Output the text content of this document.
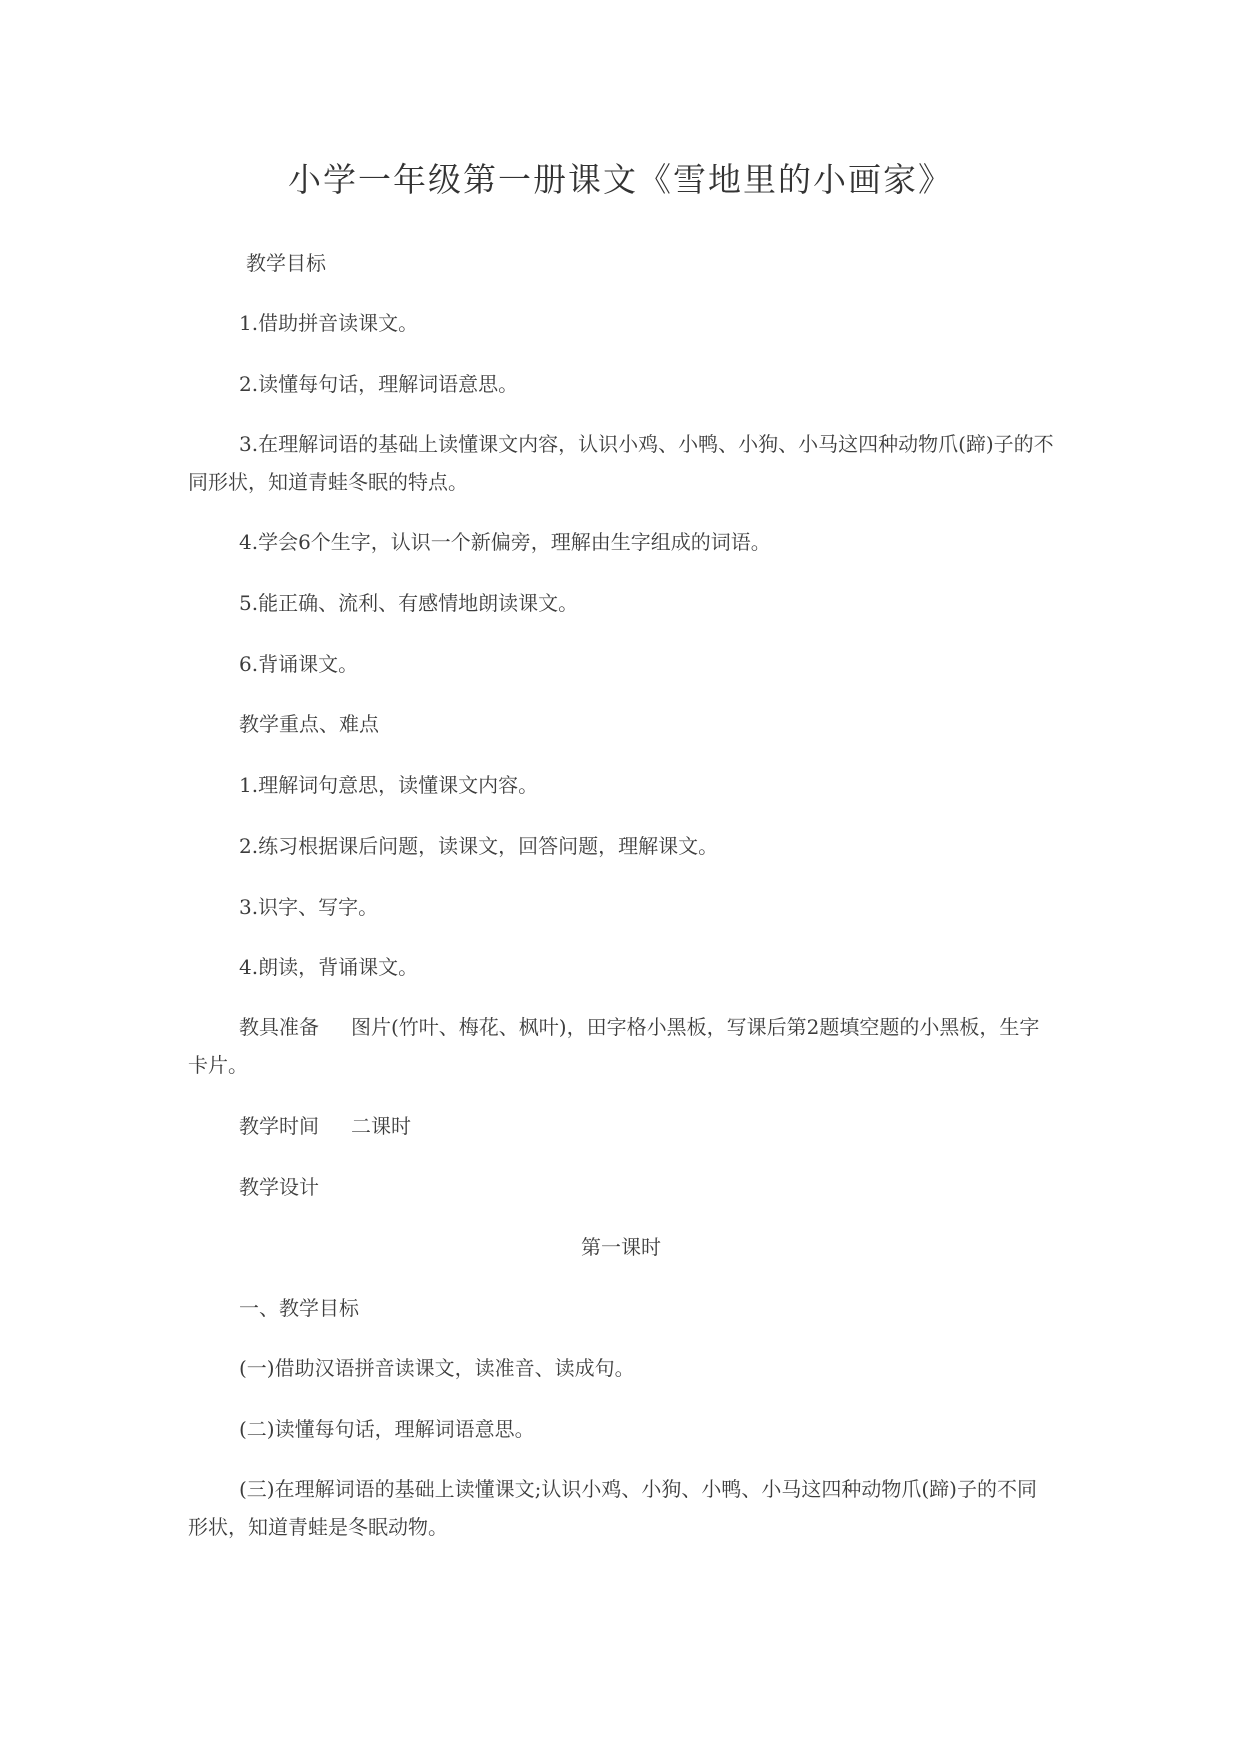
小学一年级第一册课文《雪地里的小画家》

教学目标

1.借助拼音读课文。

2.读懂每句话，理解词语意思。

3.在理解词语的基础上读懂课文内容，认识小鸡、小鸭、小狗、小马这四种动物爪(蹄)子的不同形状，知道青蛙冬眠的特点。

4.学会6个生字，认识一个新偏旁，理解由生字组成的词语。

5.能正确、流利、有感情地朗读课文。

6.背诵课文。

教学重点、难点

1.理解词句意思，读懂课文内容。

2.练习根据课后问题，读课文，回答问题，理解课文。

3.识字、写字。

4.朗读，背诵课文。

教具准备 图片(竹叶、梅花、枫叶)，田字格小黑板，写课后第2题填空题的小黑板，生字卡片。

教学时间 二课时

教学设计

第一课时

一、教学目标

(一)借助汉语拼音读课文，读准音、读成句。

(二)读懂每句话，理解词语意思。

(三)在理解词语的基础上读懂课文;认识小鸡、小狗、小鸭、小马这四种动物爪(蹄)子的不同形状，知道青蛙是冬眠动物。
